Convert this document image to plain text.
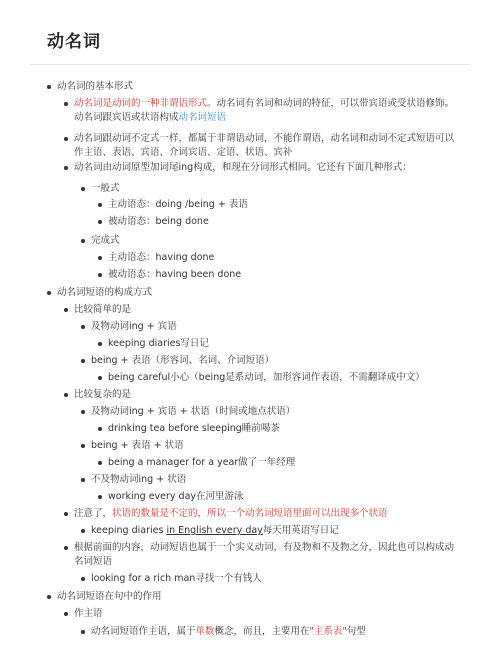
动名词
动名词的基本形式
动名词是动词的一种非谓语形式。动名词有名词和动词的特征，可以带宾语或受状语修饰。
动名词跟宾语或状语构成动名词短语
动名词跟动词不定式一样，都属于非谓语动词，不能作谓语，动名词和动词不定式短语可以
作主语、表语、宾语、介词宾语、定语、状语、宾补
动名词由动词原型加词尾ing构成，和现在分词形式相同。它还有下面几种形式：
一般式
主动语态：doing /being + 表语
被动语态：being done
完成式
主动语态：having done
被动语态：having been done
动名词短语的构成方式
比较简单的是
及物动词ing + 宾语
keeping diaries写日记
being + 表语（形容词、名词、介词短语）
being careful小心（being是系动词，加形容词作表语，不需翻译成中文）
比较复杂的是
及物动词ing + 宾语 + 状语（时间或地点状语）
drinking tea before sleeping睡前喝茶
being + 表语 + 状语
being a manager for a year做了一年经理
不及物动词ing + 状语
working every day在河里游泳
注意了，状语的数量是不定的，所以一个动名词短语里面可以出现多个状语
keeping diaries in English every day每天用英语写日记
根据前面的内容，动词短语也属于一个实义动词，有及物和不及物之分，因此也可以构成动
名词短语
looking for a rich man寻找一个有钱人
动名词短语在句中的作用
作主语
动名词短语作主语，属于单数概念，而且，主要用在"主系表"句型
